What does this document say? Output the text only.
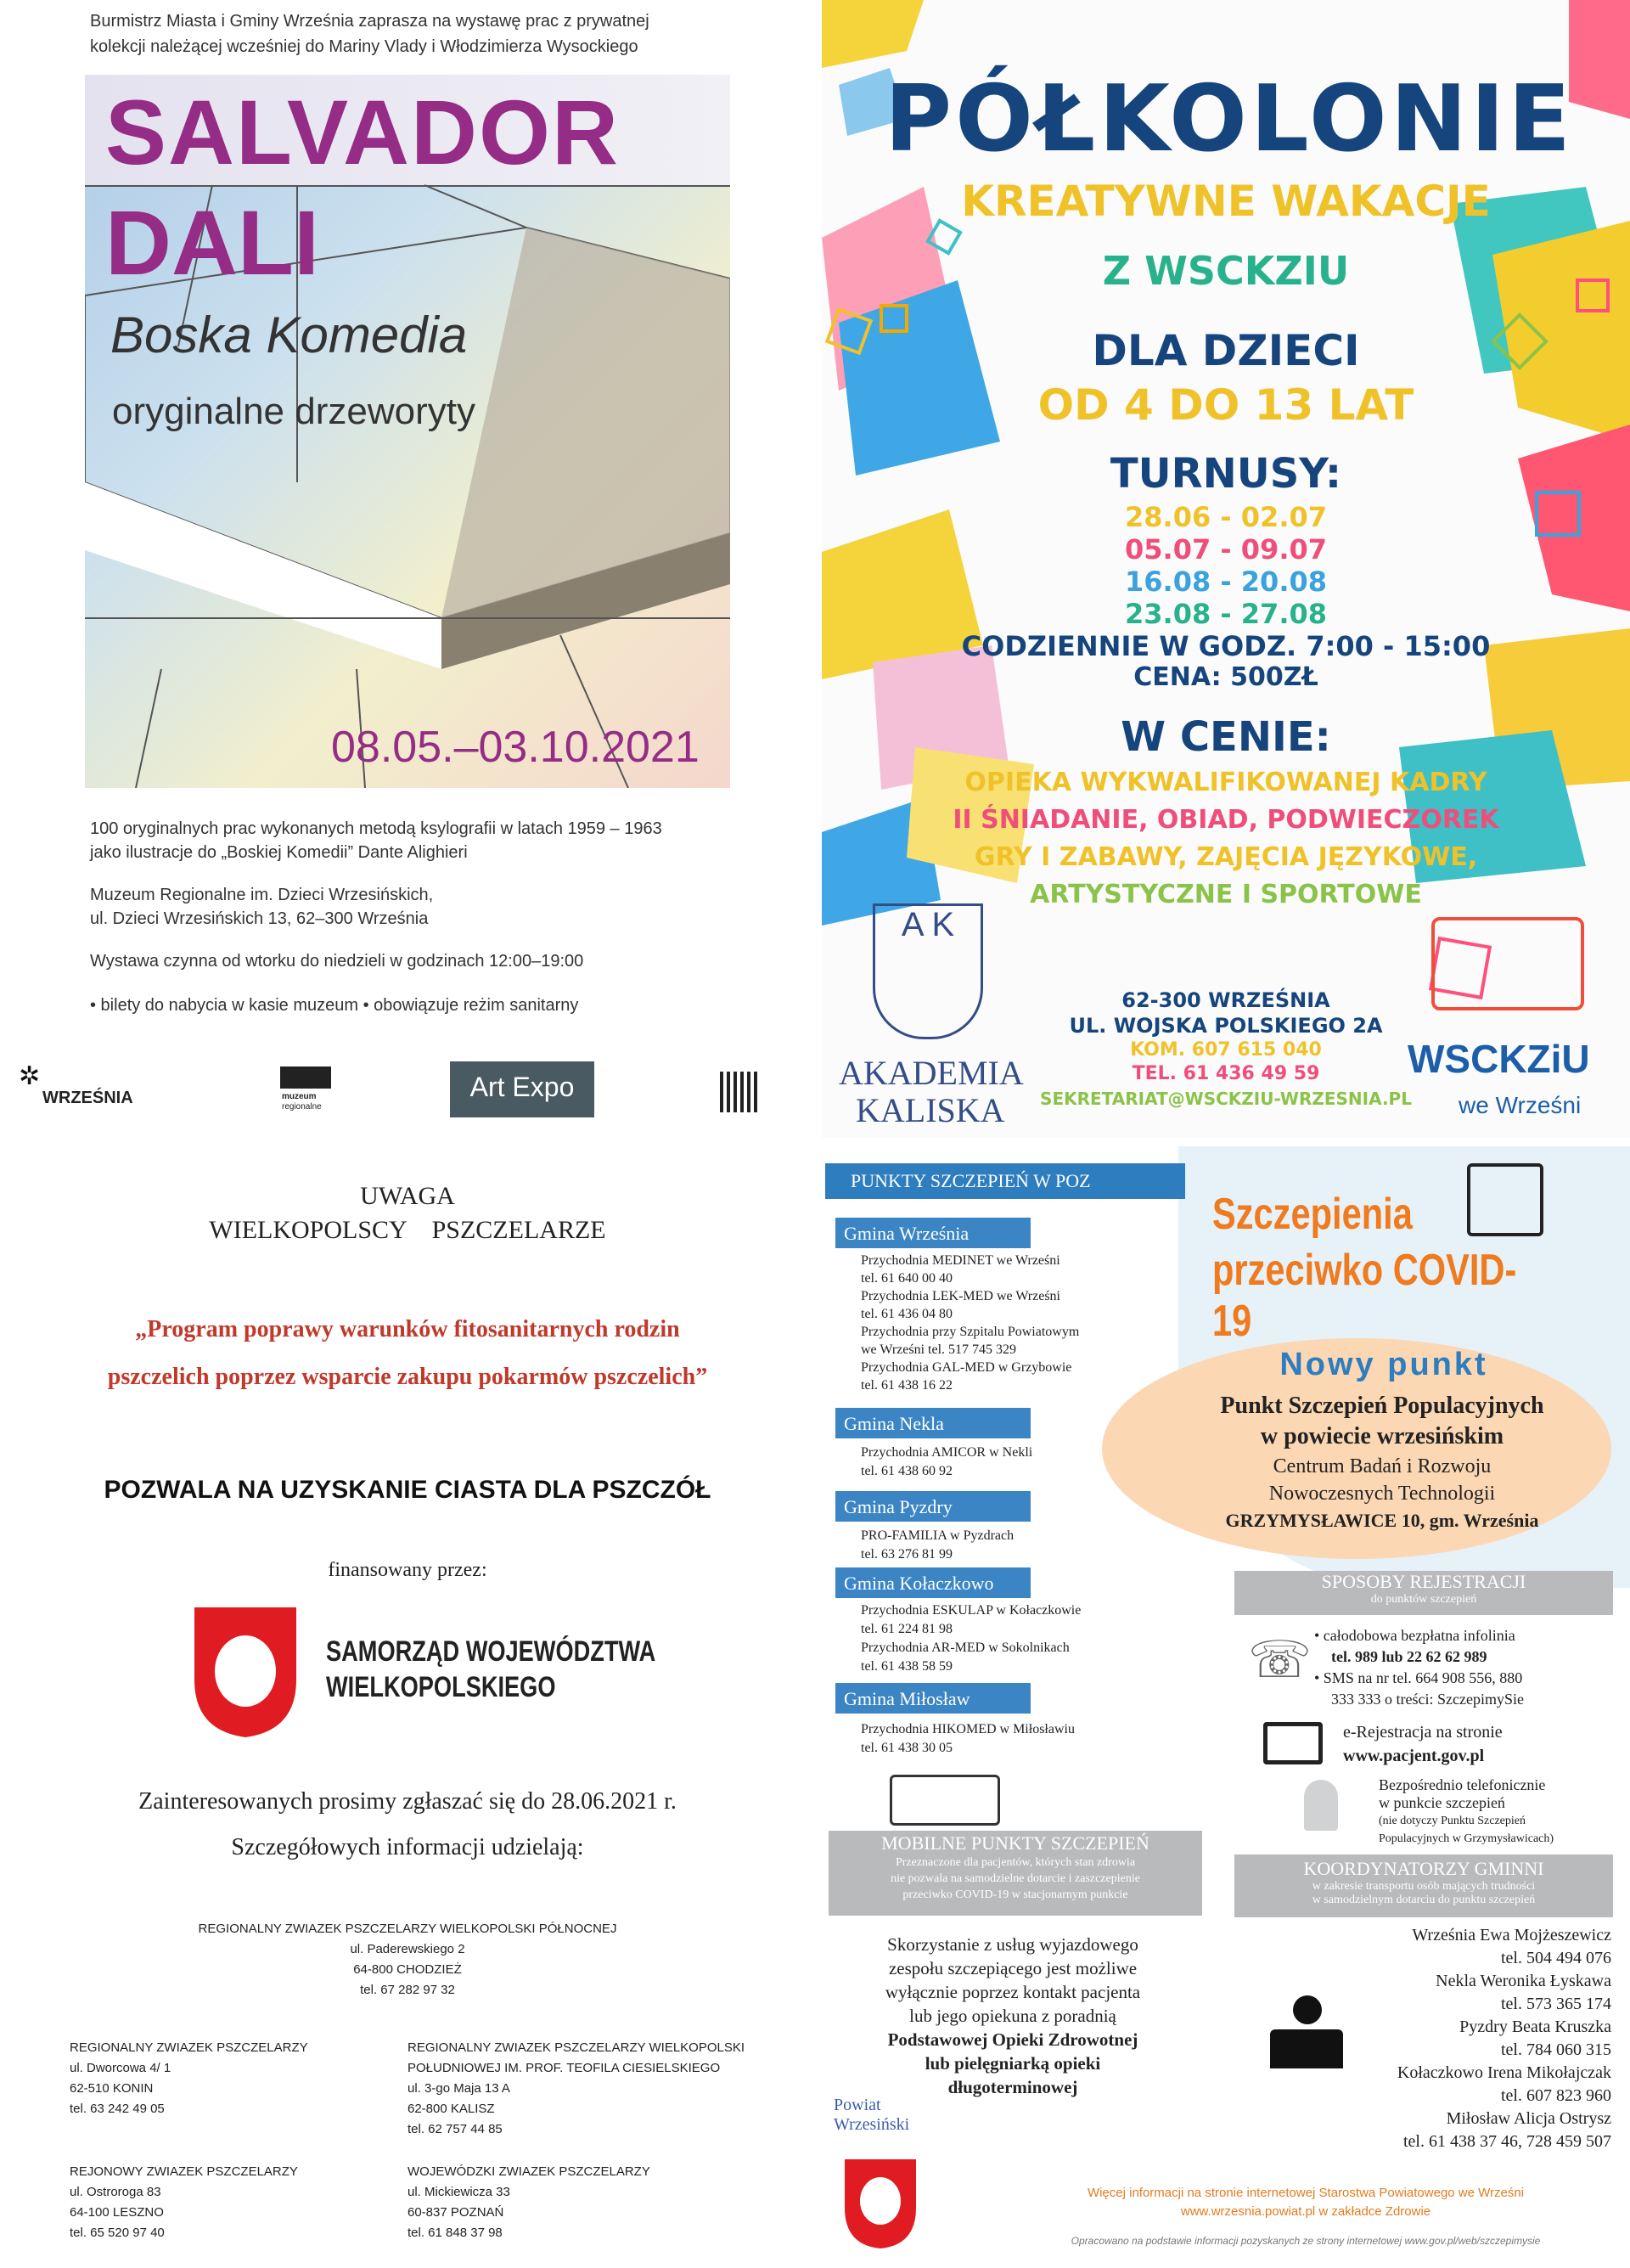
Burmistrz Miasta i Gminy Września zaprasza na wystawę prac z prywatnej kolekcji należącej wcześniej do Mariny Vlady i Włodzimierza Wysockiego
SALVADOR
DALI
Boska Komedia
oryginalne drzeworyty
08.05.–03.10.2021
100 oryginalnych prac wykonanych metodą ksylografii w latach 1959 – 1963
jako ilustracje do „Boskiej Komedii” Dante Alighieri
Muzeum Regionalne im. Dzieci Wrzesińskich,
ul. Dzieci Wrzesińskich 13, 62–300 Września
Wystawa czynna od wtorku do niedzieli w godzinach 12:00–19:00
• bilety do nabycia w kasie muzeum • obowiązuje reżim sanitarny
✲
WRZEŚNIA	muzeum
regionalne
Art Expo
PÓŁKOLONIE
KREATYWNE WAKACJE
Z WSCKZIU
DLA DZIECI
OD 4 DO 13 LAT
TURNUSY:
28.06 - 02.07
05.07 - 09.07
16.08 - 20.08
23.08 - 27.08
CODZIENNIE W GODZ. 7:00 - 15:00
CENA: 500ZŁ
W CENIE:
OPIEKA WYKWALIFIKOWANEJ KADRY
II ŚNIADANIE, OBIAD, PODWIECZOREK
GRY I ZABAWY, ZAJĘCIA JĘZYKOWE,
ARTYSTYCZNE I SPORTOWE
A K
AKADEMIA
KALISKA
62-300 WRZEŚNIA
UL. WOJSKA POLSKIEGO 2A
KOM. 607 615 040
TEL. 61 436 49 59
SEKRETARIAT@WSCKZIU-WRZESNIA.PL
WSCKZiU
we Wrześni
UWAGA
WIELKOPOLSCY    PSZCZELARZE
„Program poprawy warunków fitosanitarnych rodzin
pszczelich poprzez wsparcie zakupu pokarmów pszczelich”
POZWALA NA UZYSKANIE CIASTA DLA PSZCZÓŁ
finansowany przez:
SAMORZĄD WOJEWÓDZTWA
WIELKOPOLSKIEGO
Zainteresowanych prosimy zgłaszać się do 28.06.2021 r.
Szczegółowych informacji udzielają:
REGIONALNY ZWIAZEK PSZCZELARZY WIELKOPOLSKI PÓŁNOCNEJ
ul. Paderewskiego 2
64-800 CHODZIEŻ
tel. 67 282 97 32
REGIONALNY ZWIAZEK PSZCZELARZY
ul. Dworcowa 4/ 1
62-510 KONIN
tel. 63 242 49 05
REGIONALNY ZWIAZEK PSZCZELARZY WIELKOPOLSKI
POŁUDNIOWEJ IM. PROF. TEOFILA CIESIELSKIEGO
ul. 3-go Maja 13 A
62-800 KALISZ
tel. 62 757 44 85
REJONOWY ZWIAZEK PSZCZELARZY
ul. Ostroroga 83
64-100 LESZNO
tel. 65 520 97 40
WOJEWÓDZKI ZWIAZEK PSZCZELARZY
ul. Mickiewicza 33
60-837 POZNAŃ
tel. 61 848 37 98
PUNKTY SZCZEPIEŃ W POZ
Szczepienia
przeciwko COVID-19
Gmina Września
Przychodnia MEDINET we Wrześni
tel. 61 640 00 40
Przychodnia LEK-MED we Wrześni
tel. 61 436 04 80
Przychodnia przy Szpitalu Powiatowym
we Wrześni tel. 517 745 329
Przychodnia GAL-MED w Grzybowie
tel. 61 438 16 22
Gmina Nekla
Przychodnia AMICOR w Nekli
tel. 61 438 60 92
Gmina Pyzdry
PRO-FAMILIA w Pyzdrach
tel. 63 276 81 99
Gmina Kołaczkowo
Przychodnia ESKULAP w Kołaczkowie
tel. 61 224 81 98
Przychodnia AR-MED w Sokolnikach
tel. 61 438 58 59
Gmina Miłosław
Przychodnia HIKOMED w Miłosławiu
tel. 61 438 30 05
Nowy punkt
Punkt Szczepień Populacyjnych
w powiecie wrzesińskim
Centrum Badań i Rozwoju
Nowoczesnych Technologii
GRZYMYSŁAWICE 10, gm. Września
SPOSOBY REJESTRACJI
do punktów szczepień
☏ • całodobowa bezpłatna infolinia
tel. 989 lub 22 62 62 989
• SMS na nr tel. 664 908 556, 880
333 333 o treści: SzczepimySie
e-Rejestracja na stronie
www.pacjent.gov.pl
Bezpośrednio telefonicznie
w punkcie szczepień
(nie dotyczy Punktu Szczepień
Populacyjnych w Grzymysławicach)
MOBILNE PUNKTY SZCZEPIEŃ
Przeznaczone dla pacjentów, których stan zdrowia
nie pozwala na samodzielne dotarcie i zaszczepienie
przeciwko COVID-19 w stacjonarnym punkcie
Skorzystanie z usług wyjazdowego
zespołu szczepiącego jest możliwe
wyłącznie poprzez kontakt pacjenta
lub jego opiekuna z poradnią
Podstawowej Opieki Zdrowotnej
lub pielęgniarką opieki
długoterminowej
KOORDYNATORZY GMINNI
w zakresie transportu osób mających trudności
w samodzielnym dotarciu do punktu szczepień
Września Ewa Mojżeszewicz
tel. 504 494 076
Nekla Weronika Łyskawa
tel. 573 365 174
Pyzdry Beata Kruszka
tel. 784 060 315
Kołaczkowo Irena Mikołajczak
tel. 607 823 960
Miłosław Alicja Ostrysz
tel. 61 438 37 46, 728 459 507
Powiat Wrzesiński
Więcej informacji na stronie internetowej Starostwa Powiatowego we Wrześni
www.wrzesnia.powiat.pl w zakładce Zdrowie
Opracowano na podstawie informacji pozyskanych ze strony internetowej www.gov.pl/web/szczepimysie
